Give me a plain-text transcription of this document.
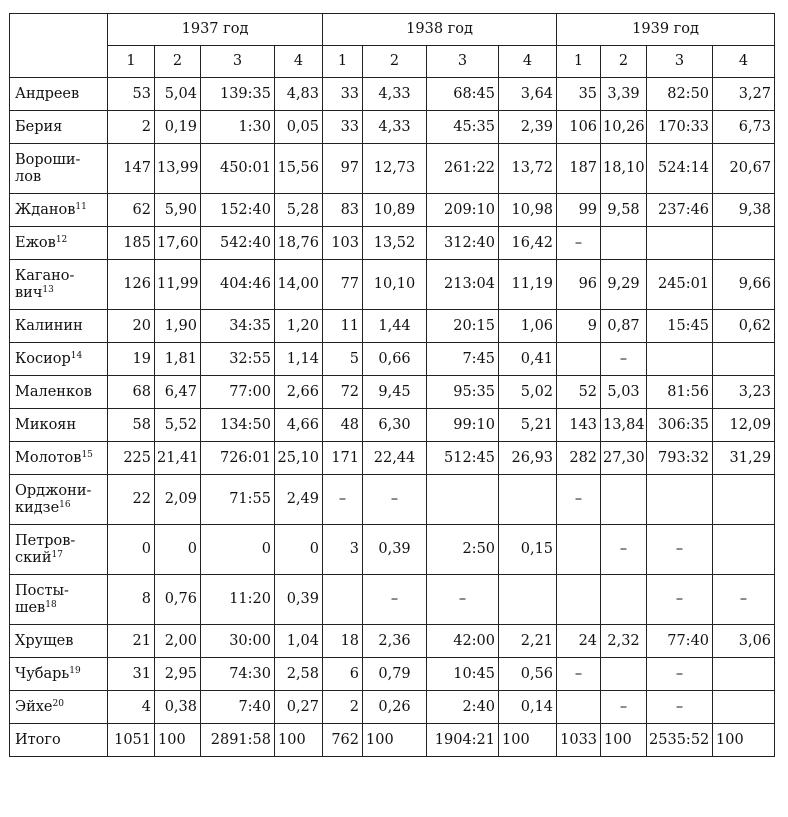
	1937 год				1938 год				1939 год			
	1	2	3	4	1	2	3	4	1	2	3	4
Андреев	53	5,04	139:35	4,83	33	4,33	68:45	3,64	35	3,39	82:50	3,27
Берия	2	0,19	1:30	0,05	33	4,33	45:35	2,39	106	10,26	170:33	6,73
Вороши-лов	147	13,99	450:01	15,56	97	12,73	261:22	13,72	187	18,10	524:14	20,67
Жданов$^{11}$	62	5,90	152:40	5,28	83	10,89	209:10	10,98	99	9,58	237:46	9,38
Ежов$^{12}$	185	17,60	542:40	18,76	103	13,52	312:40	16,42	–			
Кагано-вич$^{13}$	126	11,99	404:46	14,00	77	10,10	213:04	11,19	96	9,29	245:01	9,66
Калинин	20	1,90	34:35	1,20	11	1,44	20:15	1,06	9	0,87	15:45	0,62
Косиор$^{14}$	19	1,81	32:55	1,14	5	0,66	7:45	0,41		–		
Маленков	68	6,47	77:00	2,66	72	9,45	95:35	5,02	52	5,03	81:56	3,23
Микоян	58	5,52	134:50	4,66	48	6,30	99:10	5,21	143	13,84	306:35	12,09
Молотов$^{15}$	225	21,41	726:01	25,10	171	22,44	512:45	26,93	282	27,30	793:32	31,29
Орджони-кидзе$^{16}$	22	2,09	71:55	2,49	–	–			–			
Петров-ский$^{17}$	0	0	0	0	3	0,39	2:50	0,15		–	–	
Посты-шев$^{18}$	8	0,76	11:20	0,39		–	–				–	–
Хрущев	21	2,00	30:00	1,04	18	2,36	42:00	2,21	24	2,32	77:40	3,06
Чубарь$^{19}$	31	2,95	74:30	2,58	6	0,79	10:45	0,56	–		–	
Эйхе$^{20}$	4	0,38	7:40	0,27	2	0,26	2:40	0,14		–	–	
Итого	1051	100	2891:58	100	762	100	1904:21	100	1033	100	2535:52	100
